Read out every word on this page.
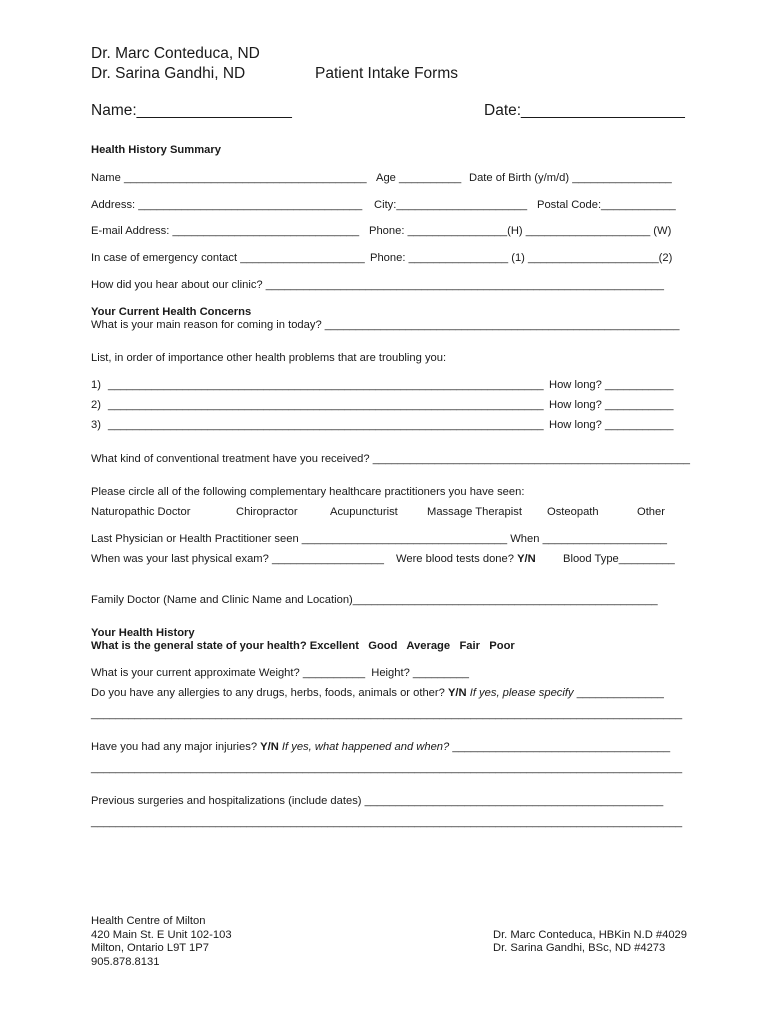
Dr. Marc Conteduca, ND
Dr. Sarina Gandhi, ND	Patient Intake Forms
Name:__________________	Date:___________________
Health History Summary
Name _______________________________________ Age __________ Date of Birth (y/m/d) ________________
Address: ____________________________________ City:_____________________ Postal Code:____________
E-mail Address: ______________________________ Phone: ________________(H) ____________________ (W)
In case of emergency contact ____________________ Phone: ________________ (1) _____________________(2)
How did you hear about our clinic? ________________________________________________________________
Your Current Health Concerns
What is your main reason for coming in today? _________________________________________________________
List, in order of importance other health problems that are troubling you:
1) ______________________________________________________________________ How long? ___________
2) ______________________________________________________________________ How long? ___________
3) ______________________________________________________________________ How long? ___________
What kind of conventional treatment have you received? ___________________________________________________
Please circle all of the following complementary healthcare practitioners you have seen:
Naturopathic Doctor	Chiropractor	Acupuncturist	Massage Therapist Osteopath	Other
Last Physician or Health Practitioner seen _________________________________ When ____________________
When was your last physical exam? __________________ Were blood tests done? Y/N Blood Type_________
Family Doctor (Name and Clinic Name and Location)_________________________________________________
Your Health History
What is the general state of your health? Excellent   Good   Average   Fair   Poor
What is your current approximate Weight? __________  Height? _________
Do you have any allergies to any drugs, herbs, foods, animals or other? Y/N If yes, please specify ______________
_______________________________________________________________________________________________
Have you had any major injuries? Y/N If yes, what happened and when? ___________________________________
_______________________________________________________________________________________________
Previous surgeries and hospitalizations (include dates) ________________________________________________
_______________________________________________________________________________________________
Health Centre of Milton
420 Main St. E Unit 102-103
Milton, Ontario L9T 1P7
905.878.8131
Dr. Marc Conteduca, HBKin N.D #4029
Dr. Sarina Gandhi, BSc, ND #4273
